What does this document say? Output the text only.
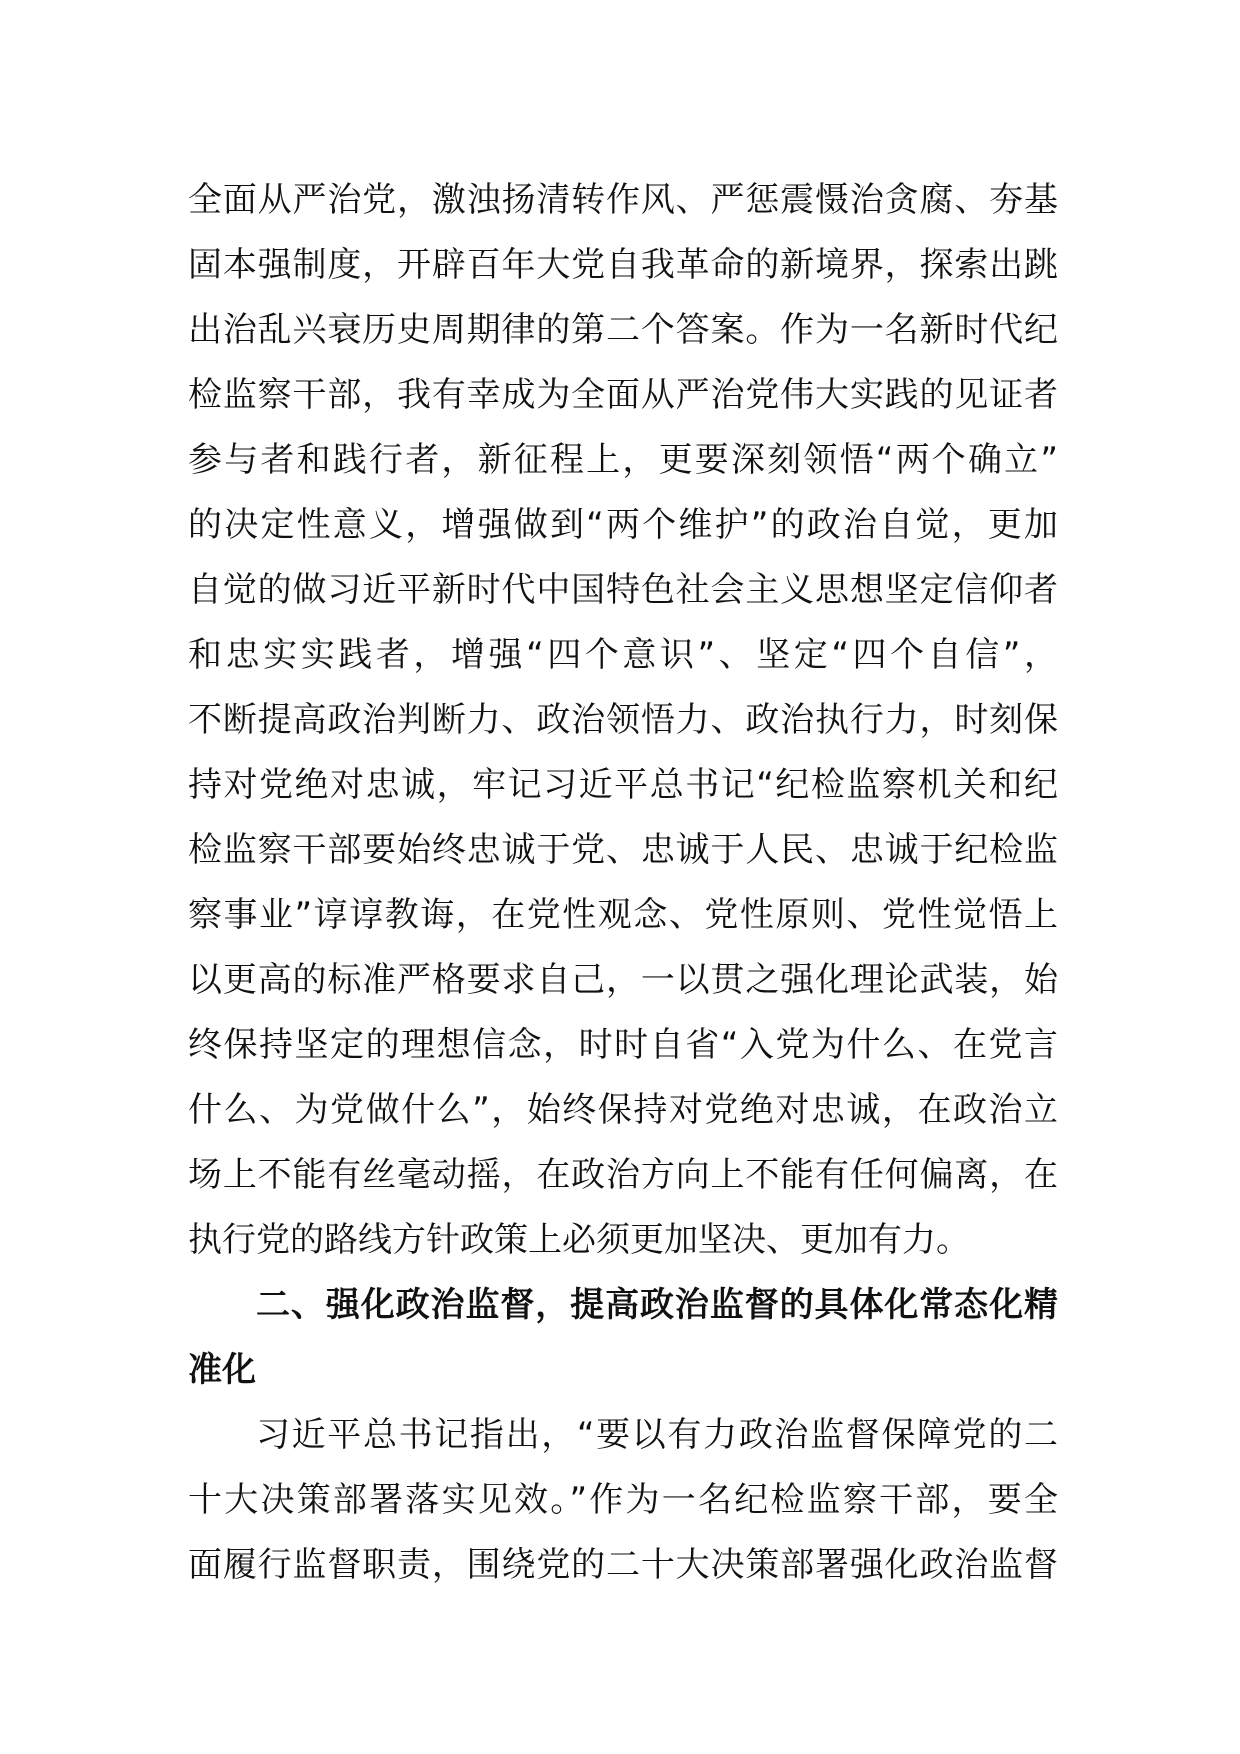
全面从严治党，激浊扬清转作风、严惩震慑治贪腐、夯基
固本强制度，开辟百年大党自我革命的新境界，探索出跳
出治乱兴衰历史周期律的第二个答案。作为一名新时代纪
检监察干部，我有幸成为全面从严治党伟大实践的见证者
参与者和践行者，新征程上，更要深刻领悟“两个确立”
的决定性意义，增强做到“两个维护”的政治自觉，更加
自觉的做习近平新时代中国特色社会主义思想坚定信仰者
和忠实实践者，增强“四个意识”、坚定“四个自信”，
不断提高政治判断力、政治领悟力、政治执行力，时刻保
持对党绝对忠诚，牢记习近平总书记“纪检监察机关和纪
检监察干部要始终忠诚于党、忠诚于人民、忠诚于纪检监
察事业”谆谆教诲，在党性观念、党性原则、党性觉悟上
以更高的标准严格要求自己，一以贯之强化理论武装，始
终保持坚定的理想信念，时时自省“入党为什么、在党言
什么、为党做什么”，始终保持对党绝对忠诚，在政治立
场上不能有丝毫动摇，在政治方向上不能有任何偏离，在
执行党的路线方针政策上必须更加坚决、更加有力。
二、强化政治监督，提高政治监督的具体化常态化精
准化
习近平总书记指出，“要以有力政治监督保障党的二
十大决策部署落实见效。”作为一名纪检监察干部，要全
面履行监督职责，围绕党的二十大决策部署强化政治监督
